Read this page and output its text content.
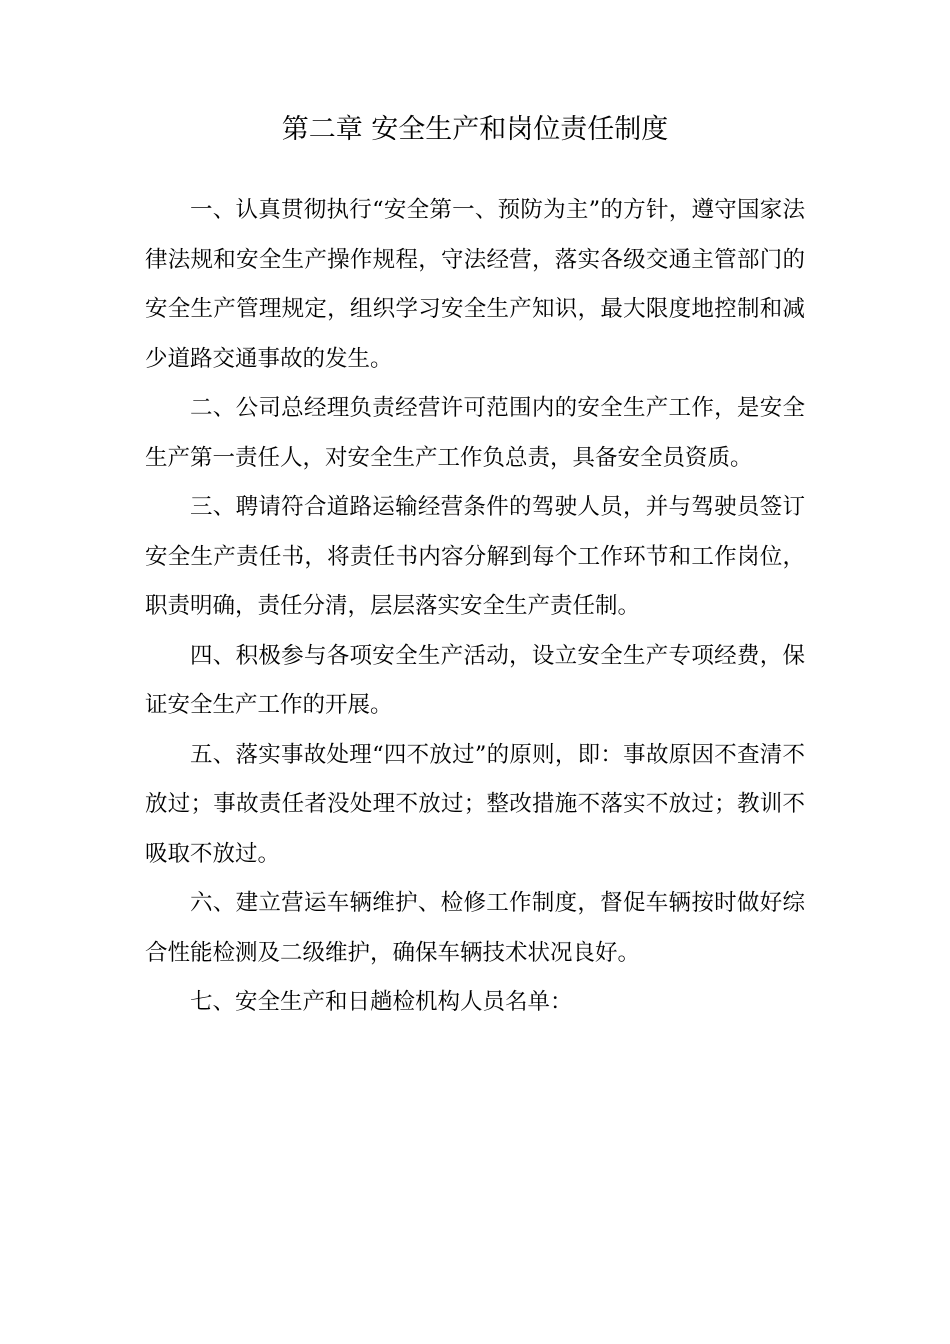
第二章 安全生产和岗位责任制度

一、认真贯彻执行“安全第一、预防为主”的方针，遵守国家法律法规和安全生产操作规程，守法经营，落实各级交通主管部门的安全生产管理规定，组织学习安全生产知识，最大限度地控制和减少道路交通事故的发生。

二、公司总经理负责经营许可范围内的安全生产工作，是安全生产第一责任人，对安全生产工作负总责，具备安全员资质。

三、聘请符合道路运输经营条件的驾驶人员，并与驾驶员签订安全生产责任书，将责任书内容分解到每个工作环节和工作岗位，职责明确，责任分清，层层落实安全生产责任制。

四、积极参与各项安全生产活动，设立安全生产专项经费，保证安全生产工作的开展。

五、落实事故处理“四不放过”的原则，即：事故原因不查清不放过；事故责任者没处理不放过；整改措施不落实不放过；教训不吸取不放过。

六、建立营运车辆维护、检修工作制度，督促车辆按时做好综合性能检测及二级维护，确保车辆技术状况良好。

七、安全生产和日趟检机构人员名单：
